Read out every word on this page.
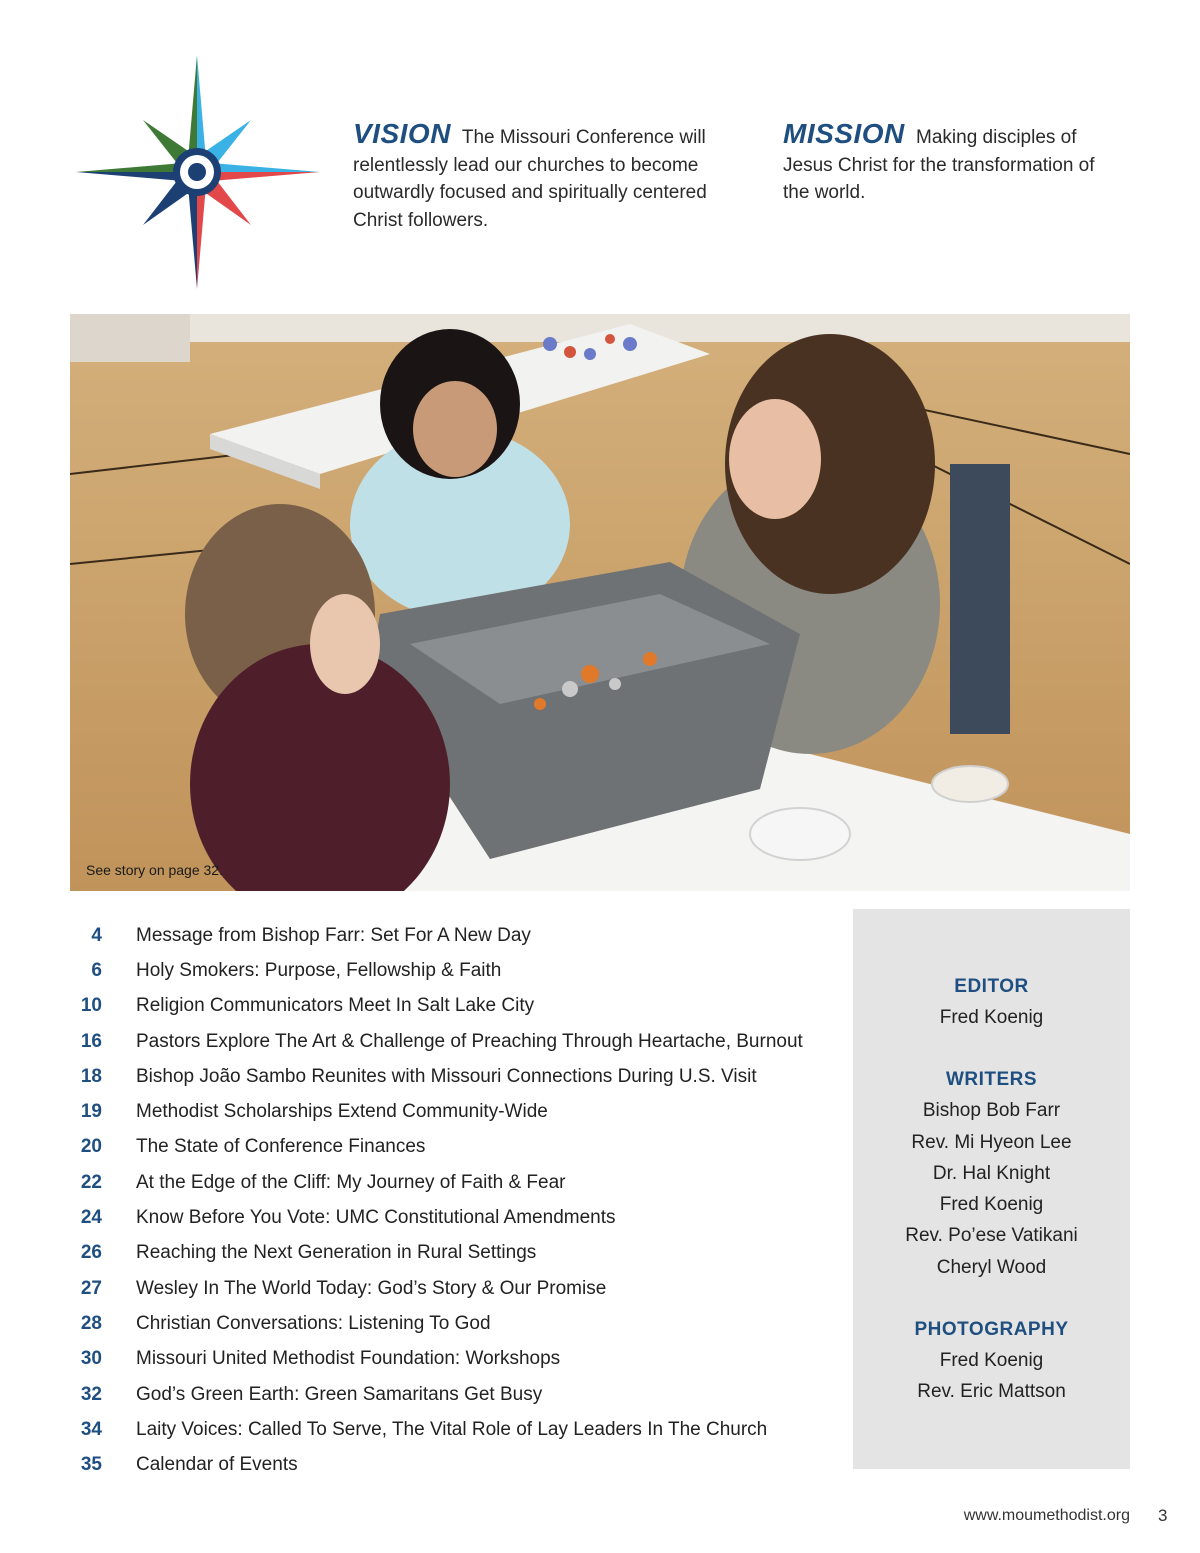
VISION The Missouri Conference will relentlessly lead our churches to become outwardly focused and spiritually centered Christ followers.
MISSION Making disciples of Jesus Christ for the transformation of the world.
See story on page 32.
4 Message from Bishop Farr: Set For A New Day
6 Holy Smokers: Purpose, Fellowship & Faith
10 Religion Communicators Meet In Salt Lake City
16 Pastors Explore The Art & Challenge of Preaching Through Heartache, Burnout
18 Bishop João Sambo Reunites with Missouri Connections During U.S. Visit
19 Methodist Scholarships Extend Community-Wide
20 The State of Conference Finances
22 At the Edge of the Cliff: My Journey of Faith & Fear
24 Know Before You Vote: UMC Constitutional Amendments
26 Reaching the Next Generation in Rural Settings
27 Wesley In The World Today: God’s Story & Our Promise
28 Christian Conversations: Listening To God
30 Missouri United Methodist Foundation: Workshops
32 God’s Green Earth: Green Samaritans Get Busy
34 Laity Voices: Called To Serve, The Vital Role of Lay Leaders In The Church
35 Calendar of Events
EDITOR
Fred Koenig
WRITERS
Bishop Bob Farr
Rev. Mi Hyeon Lee
Dr. Hal Knight
Fred Koenig
Rev. Po’ese Vatikani
Cheryl Wood
PHOTOGRAPHY
Fred Koenig
Rev. Eric Mattson
www.moumethodist.org 3
